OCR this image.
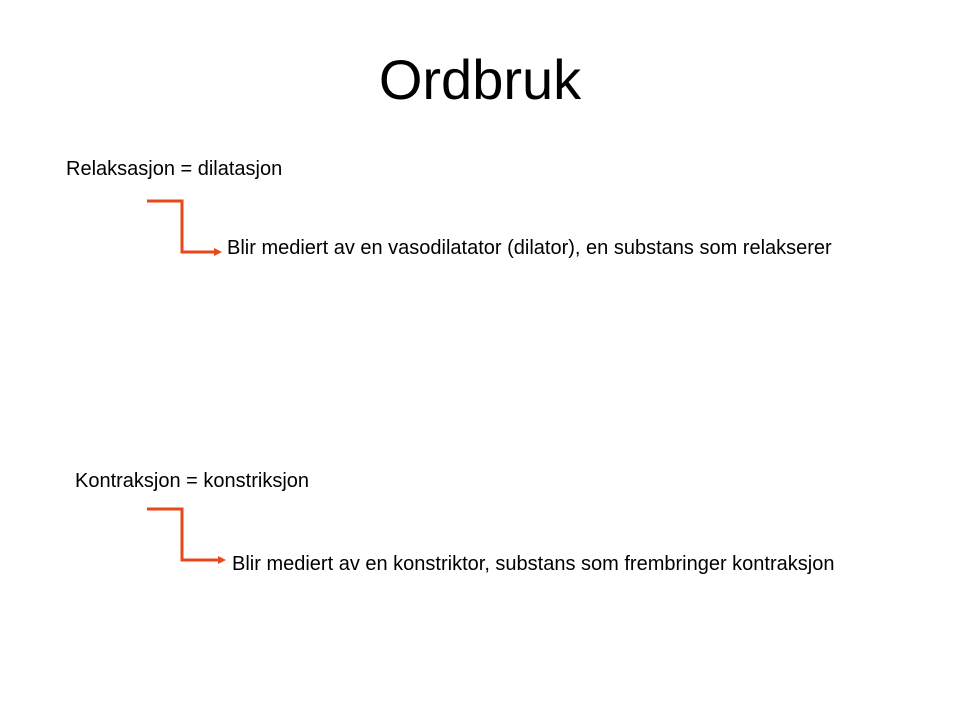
Ordbruk
Relaksasjon = dilatasjon
Blir mediert av en vasodilatator (dilator), en substans som relakserer
Kontraksjon = konstriksjon
Blir mediert av en konstriktor, substans som frembringer kontraksjon
